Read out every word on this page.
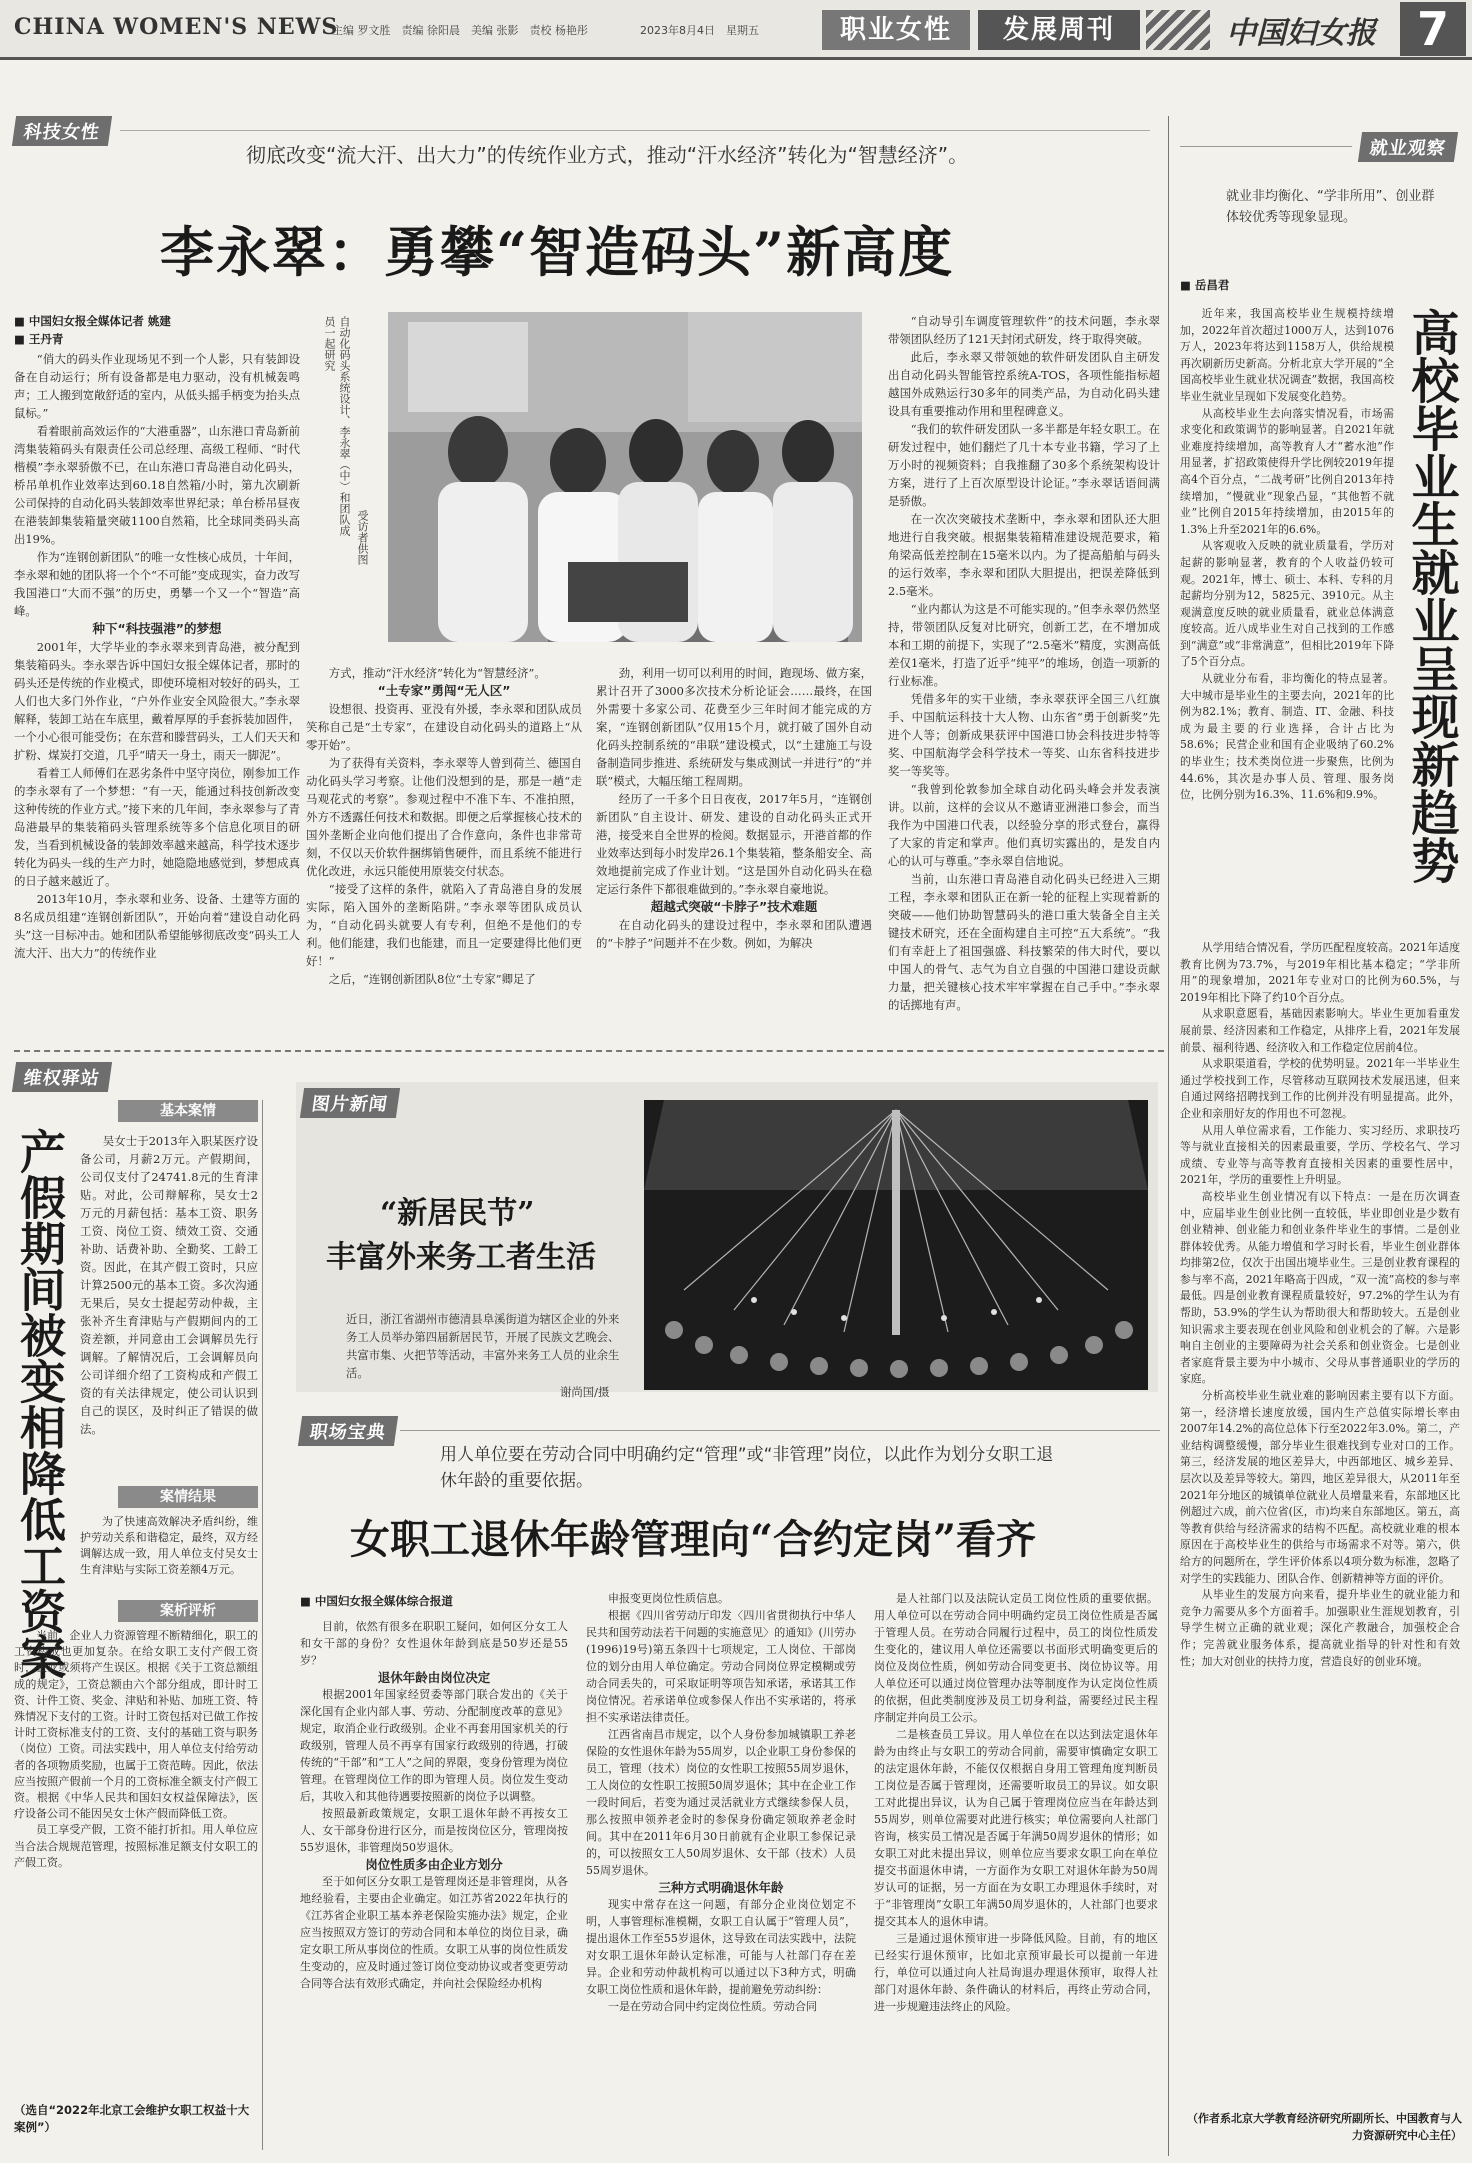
CHINA WOMEN'S NEWS
主编 罗文胜　责编 徐阳晨　美编 张影　责校 杨艳彤	2023年8月4日　星期五	职业女性	发展周刊	中国妇女报 7
科技女性
彻底改变“流大汗、出大力”的传统作业方式，推动“汗水经济”转化为“智慧经济”。
李永翠：勇攀“智造码头”新高度
■ 中国妇女报全媒体记者 姚建
■ 王丹青	自动化码头系统设计、李永翠（中）和团队成员一起研究
受访者供图

“俏大的码头作业现场见不到一个人影，只有装卸设备在自动运行；所有设备都是电力驱动，没有机械轰鸣声；工人搬到宽敞舒适的室内，从低头摇手柄变为抬头点鼠标。”

看着眼前高效运作的“大港重器”，山东港口青岛新前湾集装箱码头有限责任公司总经理、高级工程师、“时代楷模”李永翠骄傲不已，在山东港口青岛港自动化码头，桥吊单机作业效率达到60.18自然箱/小时，第九次刷新公司保持的自动化码头装卸效率世界纪录；单台桥吊昼夜在港装卸集装箱量突破1100自然箱，比全球同类码头高出19%。

作为“连钢创新团队”的唯一女性核心成员，十年间，李永翠和她的团队将一个个“不可能”变成现实，奋力改写我国港口“大而不强”的历史，勇攀一个又一个“智造”高峰。

种下“科技强港”的梦想

2001年，大学毕业的李永翠来到青岛港，被分配到集装箱码头。李永翠告诉中国妇女报全媒体记者，那时的码头还是传统的作业模式，即使环境相对较好的码头，工人们也大多门外作业，“户外作业安全风险很大。”李永翠解释，装卸工站在车底里，戴着厚厚的手套拆装加固件，一个小心很可能受伤；在东营和滕营码头，工人们天天和扩粉、煤炭打交道，几乎“晴天一身土，雨天一脚泥”。

看着工人师傅们在恶劣条件中坚守岗位，刚参加工作的李永翠有了一个梦想：“有一天，能通过科技创新改变这种传统的作业方式。”接下来的几年间，李永翠参与了青岛港最早的集装箱码头管理系统等多个信息化项目的研发，当看到机械设备的装卸效率越来越高，科学技术逐步转化为码头一线的生产力时，她隐隐地感觉到，梦想成真的日子越来越近了。

2013年10月，李永翠和业务、设备、土建等方面的8名成员组建“连钢创新团队”，开始向着“建设自动化码头”这一目标冲击。她和团队希望能够彻底改变“码头工人流大汗、出大力”的传统作业

方式，推动“汗水经济”转化为“智慧经济”。

“土专家”勇闯“无人区”

设想很、投资再、亚没有外援，李永翠和团队成员笑称自己是“土专家”，在建设自动化码头的道路上“从零开始”。

为了获得有关资料，李永翠等人曾到荷兰、德国自动化码头学习考察。让他们没想到的是，那是一趟“走马观花式的考察”。参观过程中不准下车、不准拍照，外方不透露任何技术和数据。即便之后掌握核心技术的国外垄断企业向他们提出了合作意向，条件也非常苛刻，不仅以天价软件捆绑销售硬件，而且系统不能进行优化改进，永远只能使用原装交付状态。

“接受了这样的条件，就陷入了青岛港自身的发展实际，陷入国外的垄断陷阱。”李永翠等团队成员认为，“自动化码头就要人有专利，但绝不是他们的专利。他们能建，我们也能建，而且一定要建得比他们更好！”

之后，“连钢创新团队8位“土专家”卿足了

劲，利用一切可以利用的时间，跑现场、做方案，累计召开了3000多次技术分析论证会……最终，在国外需要十多家公司、花费至少三年时间才能完成的方案，“连钢创新团队”仅用15个月，就打破了国外自动化码头控制系统的“串联”建设模式，以“土建施工与设备制造同步推进、系统研发与集成测试一并进行”的“并联”模式，大幅压缩工程周期。

经历了一千多个日日夜夜，2017年5月，“连钢创新团队”自主设计、研发、建设的自动化码头正式开港，接受来自全世界的检阅。数据显示，开港首都的作业效率达到每小时发岸26.1个集装箱，整条船安全、高效地提前完成了作业计划。“这是国外自动化码头在稳定运行条件下都很难做到的。”李永翠自豪地说。

超越式突破“卡脖子”技术难题

在自动化码头的建设过程中，李永翠和团队遭遇的“卡脖子”问题并不在少数。例如，为解决

“自动导引车调度管理软件”的技术问题，李永翠带领团队经历了121天封闭式研发，终于取得突破。

此后，李永翠又带领她的软件研发团队自主研发出自动化码头智能管控系统A-TOS，各项性能指标超越国外成熟运行30多年的同类产品，为自动化码头建设具有重要推动作用和里程碑意义。

“我们的软件研发团队一多半都是年轻女职工。在研发过程中，她们翻烂了几十本专业书籍，学习了上万小时的视频资料；自我推翻了30多个系统架构设计方案，进行了上百次原型设计论证。”李永翠话语间满是骄傲。

在一次次突破技术垄断中，李永翠和团队还大胆地进行自我突破。根据集装箱精准建设规范要求，箱角梁高低差控制在15毫米以内。为了提高船舶与码头的运行效率，李永翠和团队大胆提出，把误差降低到2.5毫米。

“业内都认为这是不可能实现的。”但李永翠仍然坚持，带领团队反复对比研究，创新工艺，在不增加成本和工期的前提下，实现了“2.5毫米”精度，实测高低差仅1毫米，打造了近乎“纯平”的堆场，创造一项新的行业标准。

凭借多年的实干业绩，李永翠获评全国三八红旗手、中国航运科技十大人物、山东省“勇于创新奖”先进个人等；创新成果获评中国港口协会科技进步特等奖、中国航海学会科学技术一等奖、山东省科技进步奖一等奖等。

“我曾到伦敦参加全球自动化码头峰会并发表演讲。以前，这样的会议从不邀请亚洲港口参会，而当我作为中国港口代表，以经验分享的形式登台，赢得了大家的肯定和掌声。他们真切实露出的，是发自内心的认可与尊重。”李永翠自信地说。

当前，山东港口青岛港自动化码头已经进入三期工程，李永翠和团队正在新一轮的征程上实现着新的突破——他们协助智慧码头的港口重大装备全自主关键技术研究，还在全面构建自主可控“五大系统”。“我们有幸赶上了祖国强盛、科技繁荣的伟大时代，要以中国人的骨气、志气为自立自强的中国港口建设贡献力量，把关键核心技术牢牢掌握在自己手中。”李永翠的话掷地有声。

维权驿站
基本案情
产假期间被变相降低工资案	吴女士于2013年入职某医疗设备公司，月薪2万元。产假期间，公司仅支付了24741.8元的生育津贴。对此，公司辩解称，吴女士2万元的月薪包括：基本工资、职务工资、岗位工资、绩效工资、交通补助、话费补助、全勤奖、工龄工资。因此，在其产假工资时，只应计算2500元的基本工资。多次沟通无果后，吴女士提起劳动仲裁，主张补齐生育津贴与产假期间内的工资差额，并同意由工会调解员先行调解。了解情况后，工会调解员向公司详细介绍了工资构成和产假工资的有关法律规定，使公司认识到自己的误区，及时纠正了错误的做法。

案情结果

为了快速高效解决矛盾纠纷，维护劳动关系和谐稳定，最终，双方经调解达成一致，用人单位支付吴女士生育津贴与实际工资差额4万元。

案析评析

当前，企业人力资源管理不断精细化，职工的工资构成也更加复杂。在给女职工支付产假工资时，企业或须将产生误区。根据《关于工资总额组成的规定》，工资总额由六个部分组成，即计时工资、计件工资、奖金、津贴和补贴、加班工资、特殊情况下支付的工资。计时工资包括对已做工作按计时工资标准支付的工资、支付的基础工资与职务（岗位）工资。司法实践中，用人单位支付给劳动者的各项物质奖励，也属于工资范畴。因此，依法应当按照产假前一个月的工资标准全额支付产假工资。根据《中华人民共和国妇女权益保障法》，医疗设备公司不能因吴女士休产假而降低工资。

员工享受产假，工资不能打折扣。用人单位应当合法合规规范管理，按照标准足额支付女职工的产假工资。

（选自“2022年北京工会维护女职工权益十大案例”）
图片新闻
“新居民节”
丰富外来务工者生活
近日，浙江省湖州市德清县阜溪街道为辖区企业的外来务工人员举办第四届新居民节，开展了民族文艺晚会、共富市集、火把节等活动，丰富外来务工人员的业余生活。
谢尚国/摄
职场宝典
用人单位要在劳动合同中明确约定“管理”或“非管理”岗位，以此作为划分女职工退休年龄的重要依据。
女职工退休年龄管理向“合约定岗”看齐
■ 中国妇女报全媒体综合报道

目前，依然有很多在职职工疑问，如何区分女工人和女干部的身份？女性退休年龄到底是50岁还是55岁？

退休年龄由岗位决定

根据2001年国家经贸委等部门联合发出的《关于深化国有企业内部人事、劳动、分配制度改革的意见》规定，取消企业行政级别。企业不再套用国家机关的行政级别，管理人员不再享有国家行政级别的待遇，打破传统的“干部”和“工人”之间的界限，变身份管理为岗位管理。在管理岗位工作的即为管理人员。岗位发生变动后，其收入和其他待遇要按照新的岗位予以调整。

按照最新政策规定，女职工退休年龄不再按女工人、女干部身份进行区分，而是按岗位区分，管理岗按55岁退休，非管理岗50岁退休。

岗位性质多由企业方划分

至于如何区分女职工是管理岗还是非管理岗，从各地经验看，主要由企业确定。如江苏省2022年执行的《江苏省企业职工基本养老保险实施办法》规定，企业应当按照双方签订的劳动合同和本单位的岗位目录，确定女职工所从事岗位的性质。女职工从事的岗位性质发生变动的，应及时通过签订岗位变动协议或者变更劳动合同等合法有效形式确定，并向社会保险经办机构

申报变更岗位性质信息。

根据《四川省劳动厅印发〈四川省贯彻执行中华人民共和国劳动法若干问题的实施意见〉的通知》(川劳办(1996)19号)第五条四十七项规定，工人岗位、干部岗位的划分由用人单位确定。劳动合同岗位界定模糊或劳动合同丢失的，可采取证明等项告知承诺，承诺其工作岗位情况。若承诺单位或参保人作出不实承诺的，将承担不实承诺法律责任。

江西省南昌市规定，以个人身份参加城镇职工养老保险的女性退休年龄为55周岁，以企业职工身份参保的员工，管理（技术）岗位的女性职工按照55周岁退休，工人岗位的女性职工按照50周岁退休；其中在企业工作一段时间后，若变为通过灵活就业方式继续参保人员，那么按照申领养老金时的参保身份确定领取养老金时间。其中在2011年6月30日前就有企业职工参保记录的，可以按照女工人50周岁退休、女干部（技术）人员55周岁退休。

三种方式明确退休年龄

现实中常存在这一问题，有部分企业岗位划定不明，人事管理标准模糊，女职工自认属于“管理人员”，提出退休工作至55岁退休，这导致在司法实践中，法院对女职工退休年龄认定标准，可能与人社部门存在差异。企业和劳动仲裁机构可以通过以下3种方式，明确女职工岗位性质和退休年龄，提前避免劳动纠纷：

一是在劳动合同中约定岗位性质。劳动合同

是人社部门以及法院认定员工岗位性质的重要依据。用人单位可以在劳动合同中明确约定员工岗位性质是否属于管理人员。在劳动合同履行过程中，员工的岗位性质发生变化的，建议用人单位还需要以书面形式明确变更后的岗位及岗位性质，例如劳动合同变更书、岗位协议等。用人单位还可以通过岗位管理办法等制度作为认定岗位性质的依据，但此类制度涉及员工切身利益，需要经过民主程序制定并向员工公示。

二是核查员工异议。用人单位在在以达到法定退休年龄为由终止与女职工的劳动合同前，需要审慎确定女职工的法定退休年龄，不能仅仅根据自身用工管理角度判断员工岗位是否属于管理岗，还需要听取员工的异议。如女职工对此提出异议，认为自己属于管理岗位应当在年龄达到55周岁，则单位需要对此进行核实；单位需要向人社部门咨询，核实员工情况是否属于年满50周岁退休的情形；如女职工对此未提出异议，则单位应当要求女职工向在单位提交书面退休申请，一方面作为女职工对退休年龄为50周岁认可的证据，另一方面在为女职工办理退休手续时，对于“非管理岗”女职工年满50周岁退休的，人社部门也要求提交其本人的退休申请。

三是通过退休预审进一步降低风险。目前，有的地区已经实行退休预审，比如北京预审最长可以提前一年进行，单位可以通过向人社局询退办理退休预审，取得人社部门对退休年龄、条件确认的材料后，再终止劳动合同，进一步规避违法终止的风险。

就业观察
就业非均衡化、“学非所用”、创业群体较优秀等现象显现。
■ 岳昌君
高校毕业生就业呈现新趋势

近年来，我国高校毕业生规模持续增加，2022年首次超过1000万人，达到1076万人，2023年将达到1158万人，供给规模再次刷新历史新高。分析北京大学开展的“全国高校毕业生就业状况调查”数据，我国高校毕业生就业呈现如下发展变化趋势。

从高校毕业生去向落实情况看，市场需求变化和政策调节的影响显著。自2021年就业难度持续增加，高等教育人才“蓄水池”作用显著，扩招政策使得升学比例较2019年提高4个百分点，“二战考研”比例自2013年持续增加，“慢就业”现象凸显，“其他暂不就业”比例自2015年持续增加，由2015年的1.3%上升至2021年的6.6%。

从客观收入反映的就业质量看，学历对起薪的影响显著，教育的个人收益仍较可观。2021年，博士、硕士、本科、专科的月起薪均分别为12，5825元、3910元。从主观满意度反映的就业质量看，就业总体满意度较高。近八成毕业生对自己找到的工作感到“满意”或“非常满意”，但相比2019年下降了5个百分点。

从就业分布看，非均衡化的特点显著。大中城市是毕业生的主要去向，2021年的比例为82.1%；教育、制造、IT、金融、科技成为最主要的行业选择，合计占比为58.6%；民营企业和国有企业吸纳了60.2%的毕业生；技术类岗位进一步聚焦，比例为44.6%，其次是办事人员、管理、服务岗位，比例分别为16.3%、11.6%和9.9%。

从学用结合情况看，学历匹配程度较高。2021年适度教育比例为73.7%，与2019年相比基本稳定；“学非所用”的现象增加，2021年专业对口的比例为60.5%，与2019年相比下降了约10个百分点。

从求职意愿看，基础因素影响大。毕业生更加看重发展前景、经济因素和工作稳定，从排序上看，2021年发展前景、福利待遇、经济收入和工作稳定位居前4位。

从求职渠道看，学校的优势明显。2021年一半毕业生通过学校找到工作，尽管移动互联网技术发展迅速，但来自通过网络招聘找到工作的比例并没有明显提高。此外，企业和亲朋好友的作用也不可忽视。

从用人单位需求看，工作能力、实习经历、求职技巧等与就业直接相关的因素最重要，学历、学校名气、学习成绩、专业等与高等教育直接相关因素的重要性居中，2021年，学历的重要性上升明显。

高校毕业生创业情况有以下特点：一是在历次调查中，应届毕业生创业比例一直较低，毕业即创业是少数有创业精神、创业能力和创业条件毕业生的事情。二是创业群体较优秀。从能力增值和学习时长看，毕业生创业群体均排第2位，仅次于出国出境毕业生。三是创业教育课程的参与率不高，2021年略高于四成，“双一流”高校的参与率最低。四是创业教育课程质量较好，97.2%的学生认为有帮助，53.9%的学生认为帮助很大和帮助较大。五是创业知识需求主要表现在创业风险和创业机会的了解。六是影响自主创业的主要障碍为社会关系和创业资金。七是创业者家庭背景主要为中小城市、父母从事普通职业的学历的家庭。

分析高校毕业生就业难的影响因素主要有以下方面。第一，经济增长速度放缓，国内生产总值实际增长率由2007年14.2%的高位总体下行至2022年3.0%。第二，产业结构调整缓慢，部分毕业生很难找到专业对口的工作。第三，经济发展的地区差异大，中西部地区、城乡差异、层次以及差异等较大。第四，地区差异很大，从2011年至2021年分地区的城镇单位就业人员增量来看，东部地区比例超过六成，前六位省(区，市)均来自东部地区。第五，高等教育供给与经济需求的结构不匹配。高校就业难的根本原因在于高校毕业生的供给与市场需求不对等。第六，供给方的问题所在，学生评价体系以4项分数为标准，忽略了对学生的实践能力、团队合作、创新精神等方面的评价。

从毕业生的发展方向来看，提升毕业生的就业能力和竞争力需要从多个方面着手。加强职业生涯规划教育，引导学生树立正确的就业观；深化产教融合，加强校企合作；完善就业服务体系，提高就业指导的针对性和有效性；加大对创业的扶持力度，营造良好的创业环境。

（作者系北京大学教育经济研究所副所长、中国教育与人力资源研究中心主任）
